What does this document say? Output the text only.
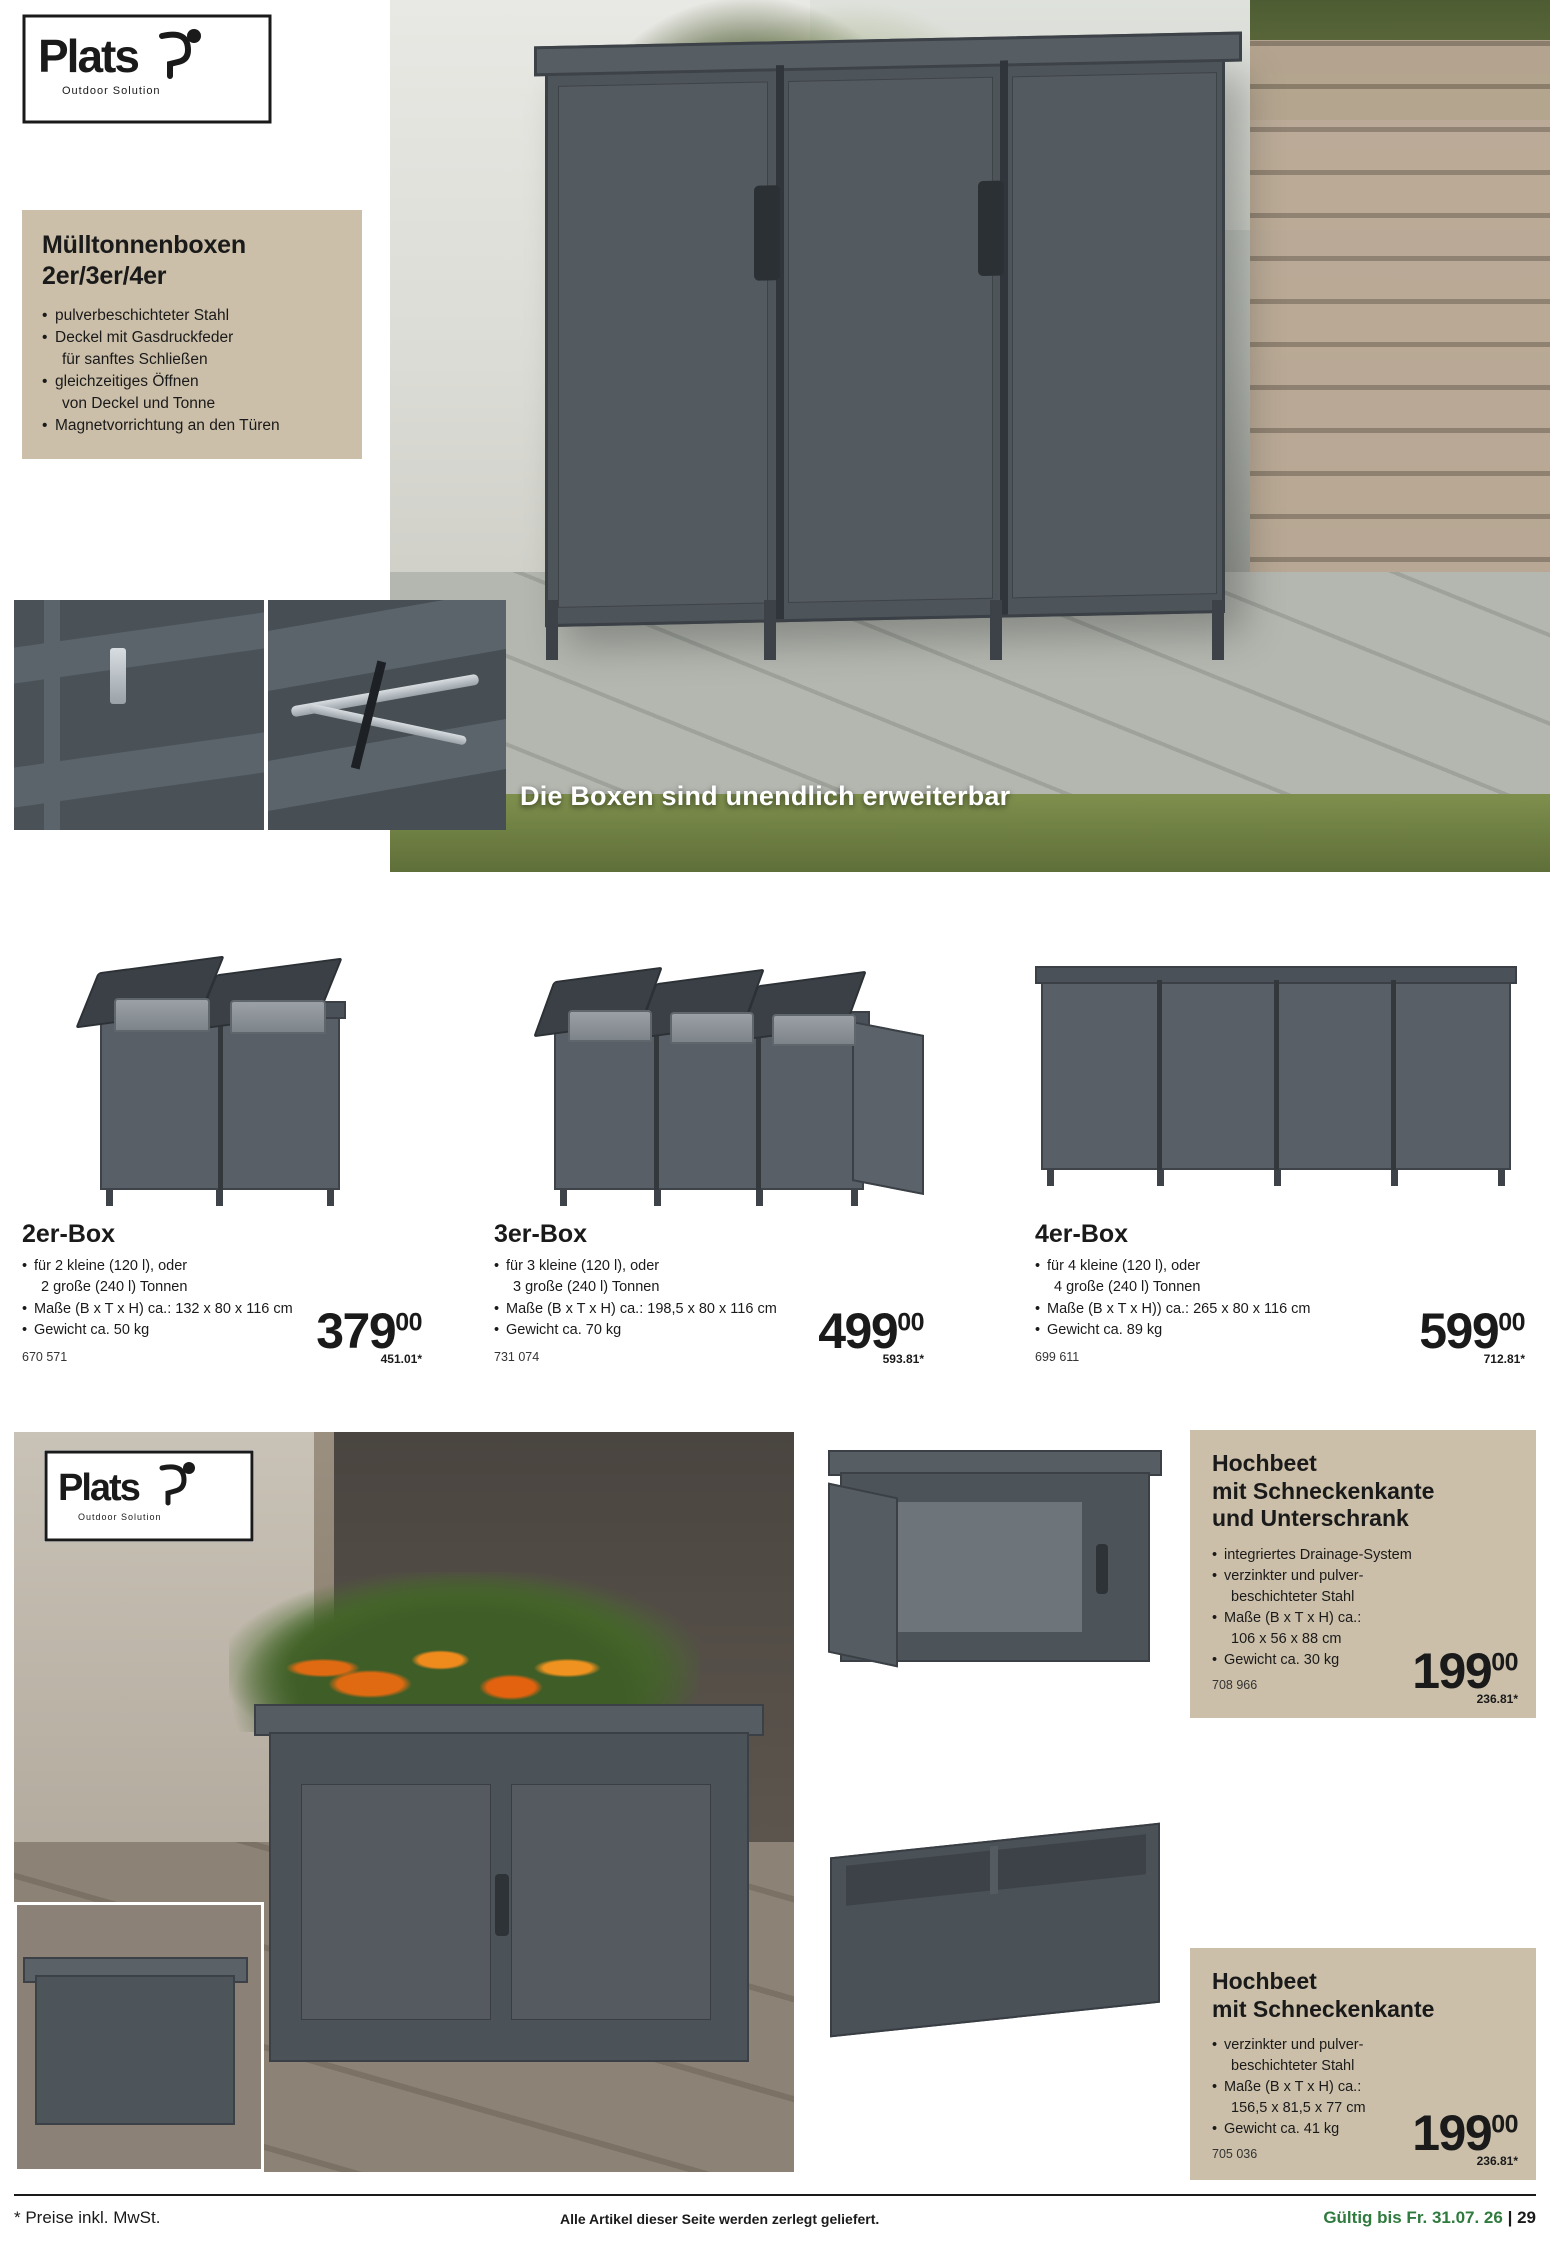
Die Boxen sind unendlich erweiterbar
Plats
Outdoor Solution
Mülltonnenboxen
2er/3er/4er
• pulverbeschichteter Stahl
• Deckel mit Gasdruckfeder
für sanftes Schließen
• gleichzeitiges Öffnen
von Deckel und Tonne
• Magnetvorrichtung an den Türen
2er-Box
• für 2 kleine (120 l), oder
2 große (240 l) Tonnen
• Maße (B x T x H) ca.: 132 x 80 x 116 cm
• Gewicht ca. 50 kg
670 571	$379^{00}$
451.01*
3er-Box
• für 3 kleine (120 l), oder
3 große (240 l) Tonnen
• Maße (B x T x H) ca.: 198,5 x 80 x 116 cm
• Gewicht ca. 70 kg
731 074	$499^{00}$
593.81*
4er-Box
• für 4 kleine (120 l), oder
4 große (240 l) Tonnen
• Maße (B x T x H)) ca.: 265 x 80 x 116 cm
• Gewicht ca. 89 kg
699 611	$599^{00}$
712.81*
Plats
Outdoor Solution
Hochbeet
mit Schneckenkante
und Unterschrank
• integriertes Drainage-System
• verzinkter und pulver-
beschichteter Stahl
• Maße (B x T x H) ca.:
106 x 56 x 88 cm
• Gewicht ca. 30 kg
708 966	$199^{00}$
236.81*
Hochbeet
mit Schneckenkante
• verzinkter und pulver-
beschichteter Stahl
• Maße (B x T x H) ca.:
156,5 x 81,5 x 77 cm
• Gewicht ca. 41 kg
705 036	$199^{00}$
236.81*
* Preise inkl. MwSt.	Alle Artikel dieser Seite werden zerlegt geliefert.	Gültig bis Fr. 31.07. 26 | 29
